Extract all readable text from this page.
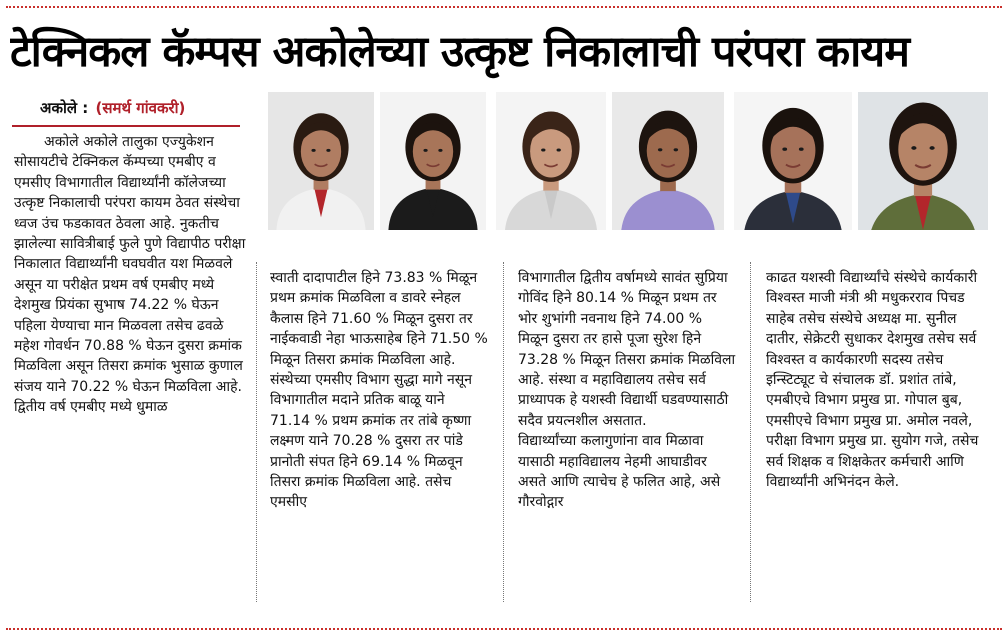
टेक्निकल कॅम्पस अकोलेच्या उत्कृष्ट निकालाची परंपरा कायम
अकोले : (समर्थ गांवकरी)

अकोले अकोले तालुका एज्युकेशन सोसायटीचे टेक्निकल कॅम्पच्या एमबीए व एमसीए विभागातील विद्यार्थ्यांनी कॉलेजच्या उत्कृष्ट निकालाची परंपरा कायम ठेवत संस्थेचा ध्वज उंच फडकावत ठेवला आहे. नुकतीच झालेल्या सावित्रीबाई फुले पुणे विद्यापीठ परीक्षा निकालात विद्यार्थ्यांनी घवघवीत यश मिळवले असून या परीक्षेत प्रथम वर्ष एमबीए मध्ये देशमुख प्रियंका सुभाष 74.22 % घेऊन पहिला येण्याचा मान मिळवला तसेच ढवळे महेश गोवर्धन 70.88 % घेऊन दुसरा क्रमांक मिळविला असून तिसरा क्रमांक भुसाळ कुणाल संजय याने 70.22 % घेऊन मिळविला आहे. द्वितीय वर्ष एमबीए मध्ये धुमाळ

स्वाती दादापाटील हिने 73.83 % मिळून प्रथम क्रमांक मिळविला व डावरे स्नेहल कैलास हिने 71.60 % मिळून दुसरा तर नाईकवाडी नेहा भाऊसाहेब हिने 71.50 % मिळून तिसरा क्रमांक मिळविला आहे. संस्थेच्या एमसीए विभाग सुद्धा मागे नसून विभागातील मदाने प्रतिक बाळू याने 71.14 % प्रथम क्रमांक तर तांबे कृष्णा लक्ष्मण याने 70.28 % दुसरा तर पांडे प्रानोती संपत हिने 69.14 % मिळवून तिसरा क्रमांक मिळविला आहे. तसेच एमसीए

विभागातील द्वितीय वर्षामध्ये सावंत सुप्रिया गोविंद हिने 80.14 % मिळून प्रथम तर भोर शुभांगी नवनाथ हिने 74.00 % मिळून दुसरा तर हासे पूजा सुरेश हिने 73.28 % मिळून तिसरा क्रमांक मिळविला आहे. संस्था व महाविद्यालय तसेच सर्व प्राध्यापक हे यशस्वी विद्यार्थी घडवण्यासाठी सदैव प्रयत्नशील असतात.

विद्यार्थ्यांच्या कलागुणांना वाव मिळावा यासाठी महाविद्यालय नेहमी आघाडीवर असते आणि त्याचेच हे फलित आहे, असे गौरवोद्गार

काढत यशस्वी विद्यार्थ्यांचे संस्थेचे कार्यकारी विश्वस्त माजी मंत्री श्री मधुकरराव पिचड साहेब तसेच संस्थेचे अध्यक्ष मा. सुनील दातीर, सेक्रेटरी सुधाकर देशमुख तसेच सर्व विश्वस्त व कार्यकारणी सदस्य तसेच इन्स्टिट्यूट चे संचालक डॉ. प्रशांत तांबे, एमबीएचे विभाग प्रमुख प्रा. गोपाल बुब, एमसीएचे विभाग प्रमुख प्रा. अमोल नवले, परीक्षा विभाग प्रमुख प्रा. सुयोग गजे, तसेच सर्व शिक्षक व शिक्षकेतर कर्मचारी आणि विद्यार्थ्यांनी अभिनंदन केले.
